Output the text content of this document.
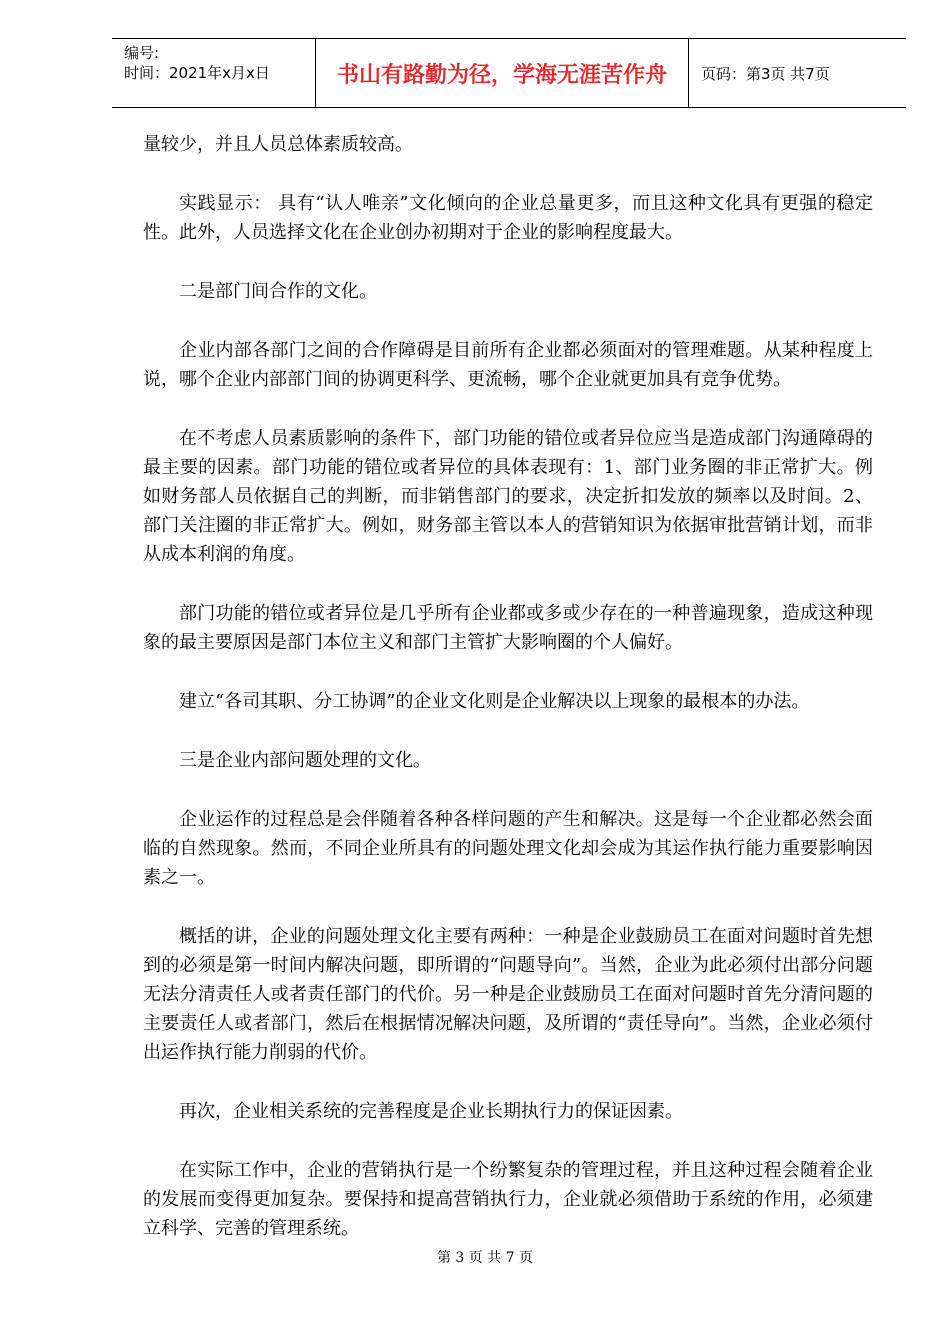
编号:
时间：2021年x月x日	书山有路勤为径，学海无涯苦作舟	页码：第3页 共7页

量较少，并且人员总体素质较高。

实践显示： 具有“认人唯亲”文化倾向的企业总量更多，而且这种文化具有更强的稳定性。此外，人员选择文化在企业创办初期对于企业的影响程度最大。

二是部门间合作的文化。

企业内部各部门之间的合作障碍是目前所有企业都必须面对的管理难题。从某种程度上说，哪个企业内部部门间的协调更科学、更流畅，哪个企业就更加具有竞争优势。

在不考虑人员素质影响的条件下，部门功能的错位或者异位应当是造成部门沟通障碍的最主要的因素。部门功能的错位或者异位的具体表现有：1、部门业务圈的非正常扩大。例如财务部人员依据自己的判断，而非销售部门的要求，决定折扣发放的频率以及时间。2、部门关注圈的非正常扩大。例如，财务部主管以本人的营销知识为依据审批营销计划，而非从成本利润的角度。

部门功能的错位或者异位是几乎所有企业都或多或少存在的一种普遍现象，造成这种现象的最主要原因是部门本位主义和部门主管扩大影响圈的个人偏好。

建立“各司其职、分工协调”的企业文化则是企业解决以上现象的最根本的办法。

三是企业内部问题处理的文化。

企业运作的过程总是会伴随着各种各样问题的产生和解决。这是每一个企业都必然会面临的自然现象。然而，不同企业所具有的问题处理文化却会成为其运作执行能力重要影响因素之一。

概括的讲，企业的问题处理文化主要有两种：一种是企业鼓励员工在面对问题时首先想到的必须是第一时间内解决问题，即所谓的“问题导向”。当然，企业为此必须付出部分问题无法分清责任人或者责任部门的代价。另一种是企业鼓励员工在面对问题时首先分清问题的主要责任人或者部门，然后在根据情况解决问题，及所谓的“责任导向”。当然，企业必须付出运作执行能力削弱的代价。

再次，企业相关系统的完善程度是企业长期执行力的保证因素。

在实际工作中，企业的营销执行是一个纷繁复杂的管理过程，并且这种过程会随着企业的发展而变得更加复杂。要保持和提高营销执行力，企业就必须借助于系统的作用，必须建立科学、完善的管理系统。

第 3 页 共 7 页
